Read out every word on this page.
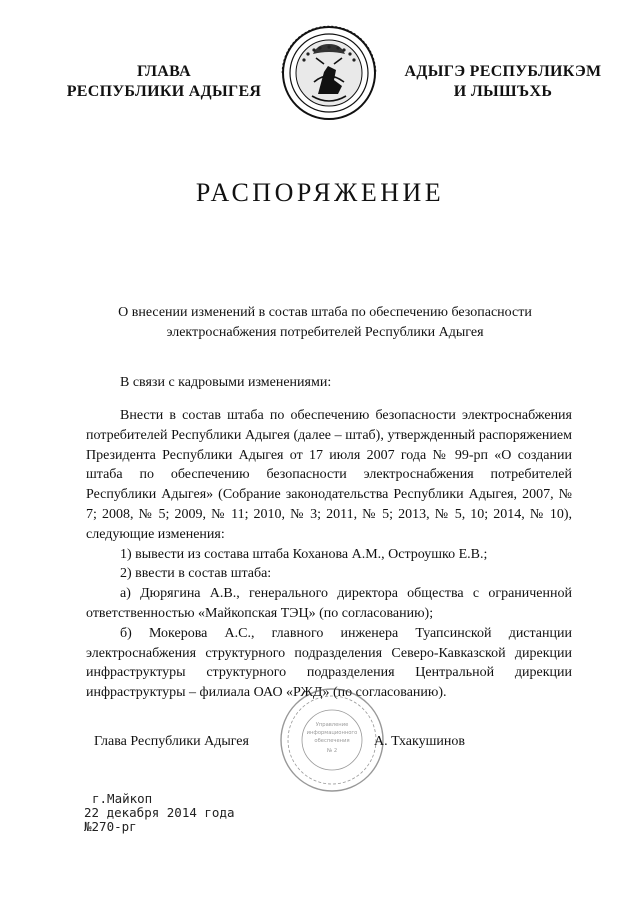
ГЛАВА
РЕСПУБЛИКИ АДЫГЕЯ
АДЫГЭ РЕСПУБЛИКЭМ
И ЛЫШЪХЬ
РАСПОРЯЖЕНИЕ
О внесении изменений в состав штаба по обеспечению безопасности
электроснабжения потребителей Республики Адыгея
В связи с кадровыми изменениями:

Внести в состав штаба по обеспечению безопасности электроснабжения потребителей Республики Адыгея (далее – штаб), утвержденный распоряжением Президента Республики Адыгея от 17 июля 2007 года № 99-рп «О создании штаба по обеспечению безопасности электроснабжения потребителей Республики Адыгея» (Собрание законодательства Республики Адыгея, 2007, № 7; 2008, № 5; 2009, № 11; 2010, № 3; 2011, № 5; 2013, № 5, 10; 2014, № 10), следующие изменения:

1) вывести из состава штаба Коханова А.М., Остроушко Е.В.;

2) ввести в состав штаба:

а) Дюрягина А.В., генерального директора общества с ограниченной ответственностью «Майкопская ТЭЦ» (по согласованию);

б) Мокерова А.С., главного инженера Туапсинской дистанции электроснабжения структурного подразделения Северо-Кавказской дирекции инфраструктуры структурного подразделения Центральной дирекции инфраструктуры – филиала ОАО «РЖД» (по согласованию).

Управление
информационного
обеспечения
№ 2
Глава Республики Адыгея	А. Тхакушинов
г.Майкоп
22 декабря 2014 года
№270-рг
